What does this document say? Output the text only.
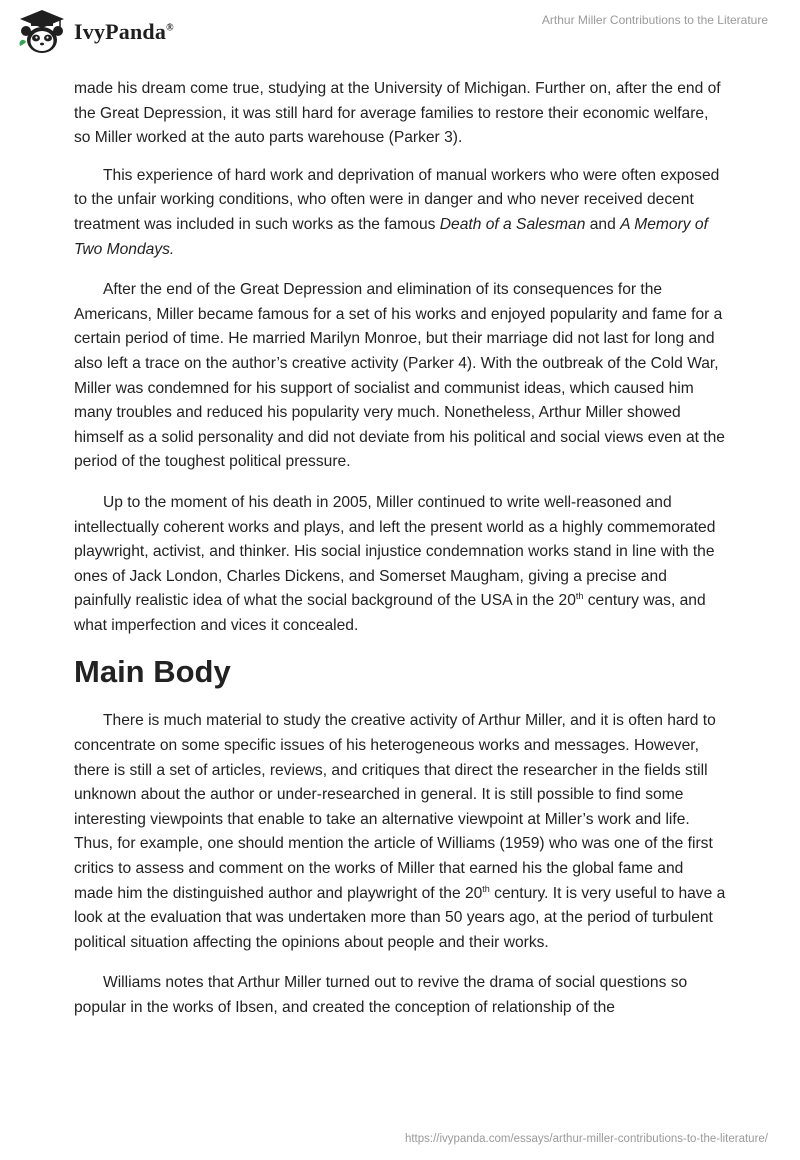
IvyPanda®
Arthur Miller Contributions to the Literature

made his dream come true, studying at the University of Michigan. Further on, after the end of the Great Depression, it was still hard for average families to restore their economic welfare, so Miller worked at the auto parts warehouse (Parker 3).

This experience of hard work and deprivation of manual workers who were often exposed to the unfair working conditions, who often were in danger and who never received decent treatment was included in such works as the famous Death of a Salesman and A Memory of Two Mondays.

After the end of the Great Depression and elimination of its consequences for the Americans, Miller became famous for a set of his works and enjoyed popularity and fame for a certain period of time. He married Marilyn Monroe, but their marriage did not last for long and also left a trace on the author’s creative activity (Parker 4). With the outbreak of the Cold War, Miller was condemned for his support of socialist and communist ideas, which caused him many troubles and reduced his popularity very much. Nonetheless, Arthur Miller showed himself as a solid personality and did not deviate from his political and social views even at the period of the toughest political pressure.

Up to the moment of his death in 2005, Miller continued to write well-reasoned and intellectually coherent works and plays, and left the present world as a highly commemorated playwright, activist, and thinker. His social injustice condemnation works stand in line with the ones of Jack London, Charles Dickens, and Somerset Maugham, giving a precise and painfully realistic idea of what the social background of the USA in the 20th century was, and what imperfection and vices it concealed.

Main Body

There is much material to study the creative activity of Arthur Miller, and it is often hard to concentrate on some specific issues of his heterogeneous works and messages. However, there is still a set of articles, reviews, and critiques that direct the researcher in the fields still unknown about the author or under-researched in general. It is still possible to find some interesting viewpoints that enable to take an alternative viewpoint at Miller’s work and life. Thus, for example, one should mention the article of Williams (1959) who was one of the first critics to assess and comment on the works of Miller that earned his the global fame and made him the distinguished author and playwright of the 20th century. It is very useful to have a look at the evaluation that was undertaken more than 50 years ago, at the period of turbulent political situation affecting the opinions about people and their works.

Williams notes that Arthur Miller turned out to revive the drama of social questions so popular in the works of Ibsen, and created the conception of relationship of the

https://ivypanda.com/essays/arthur-miller-contributions-to-the-literature/
